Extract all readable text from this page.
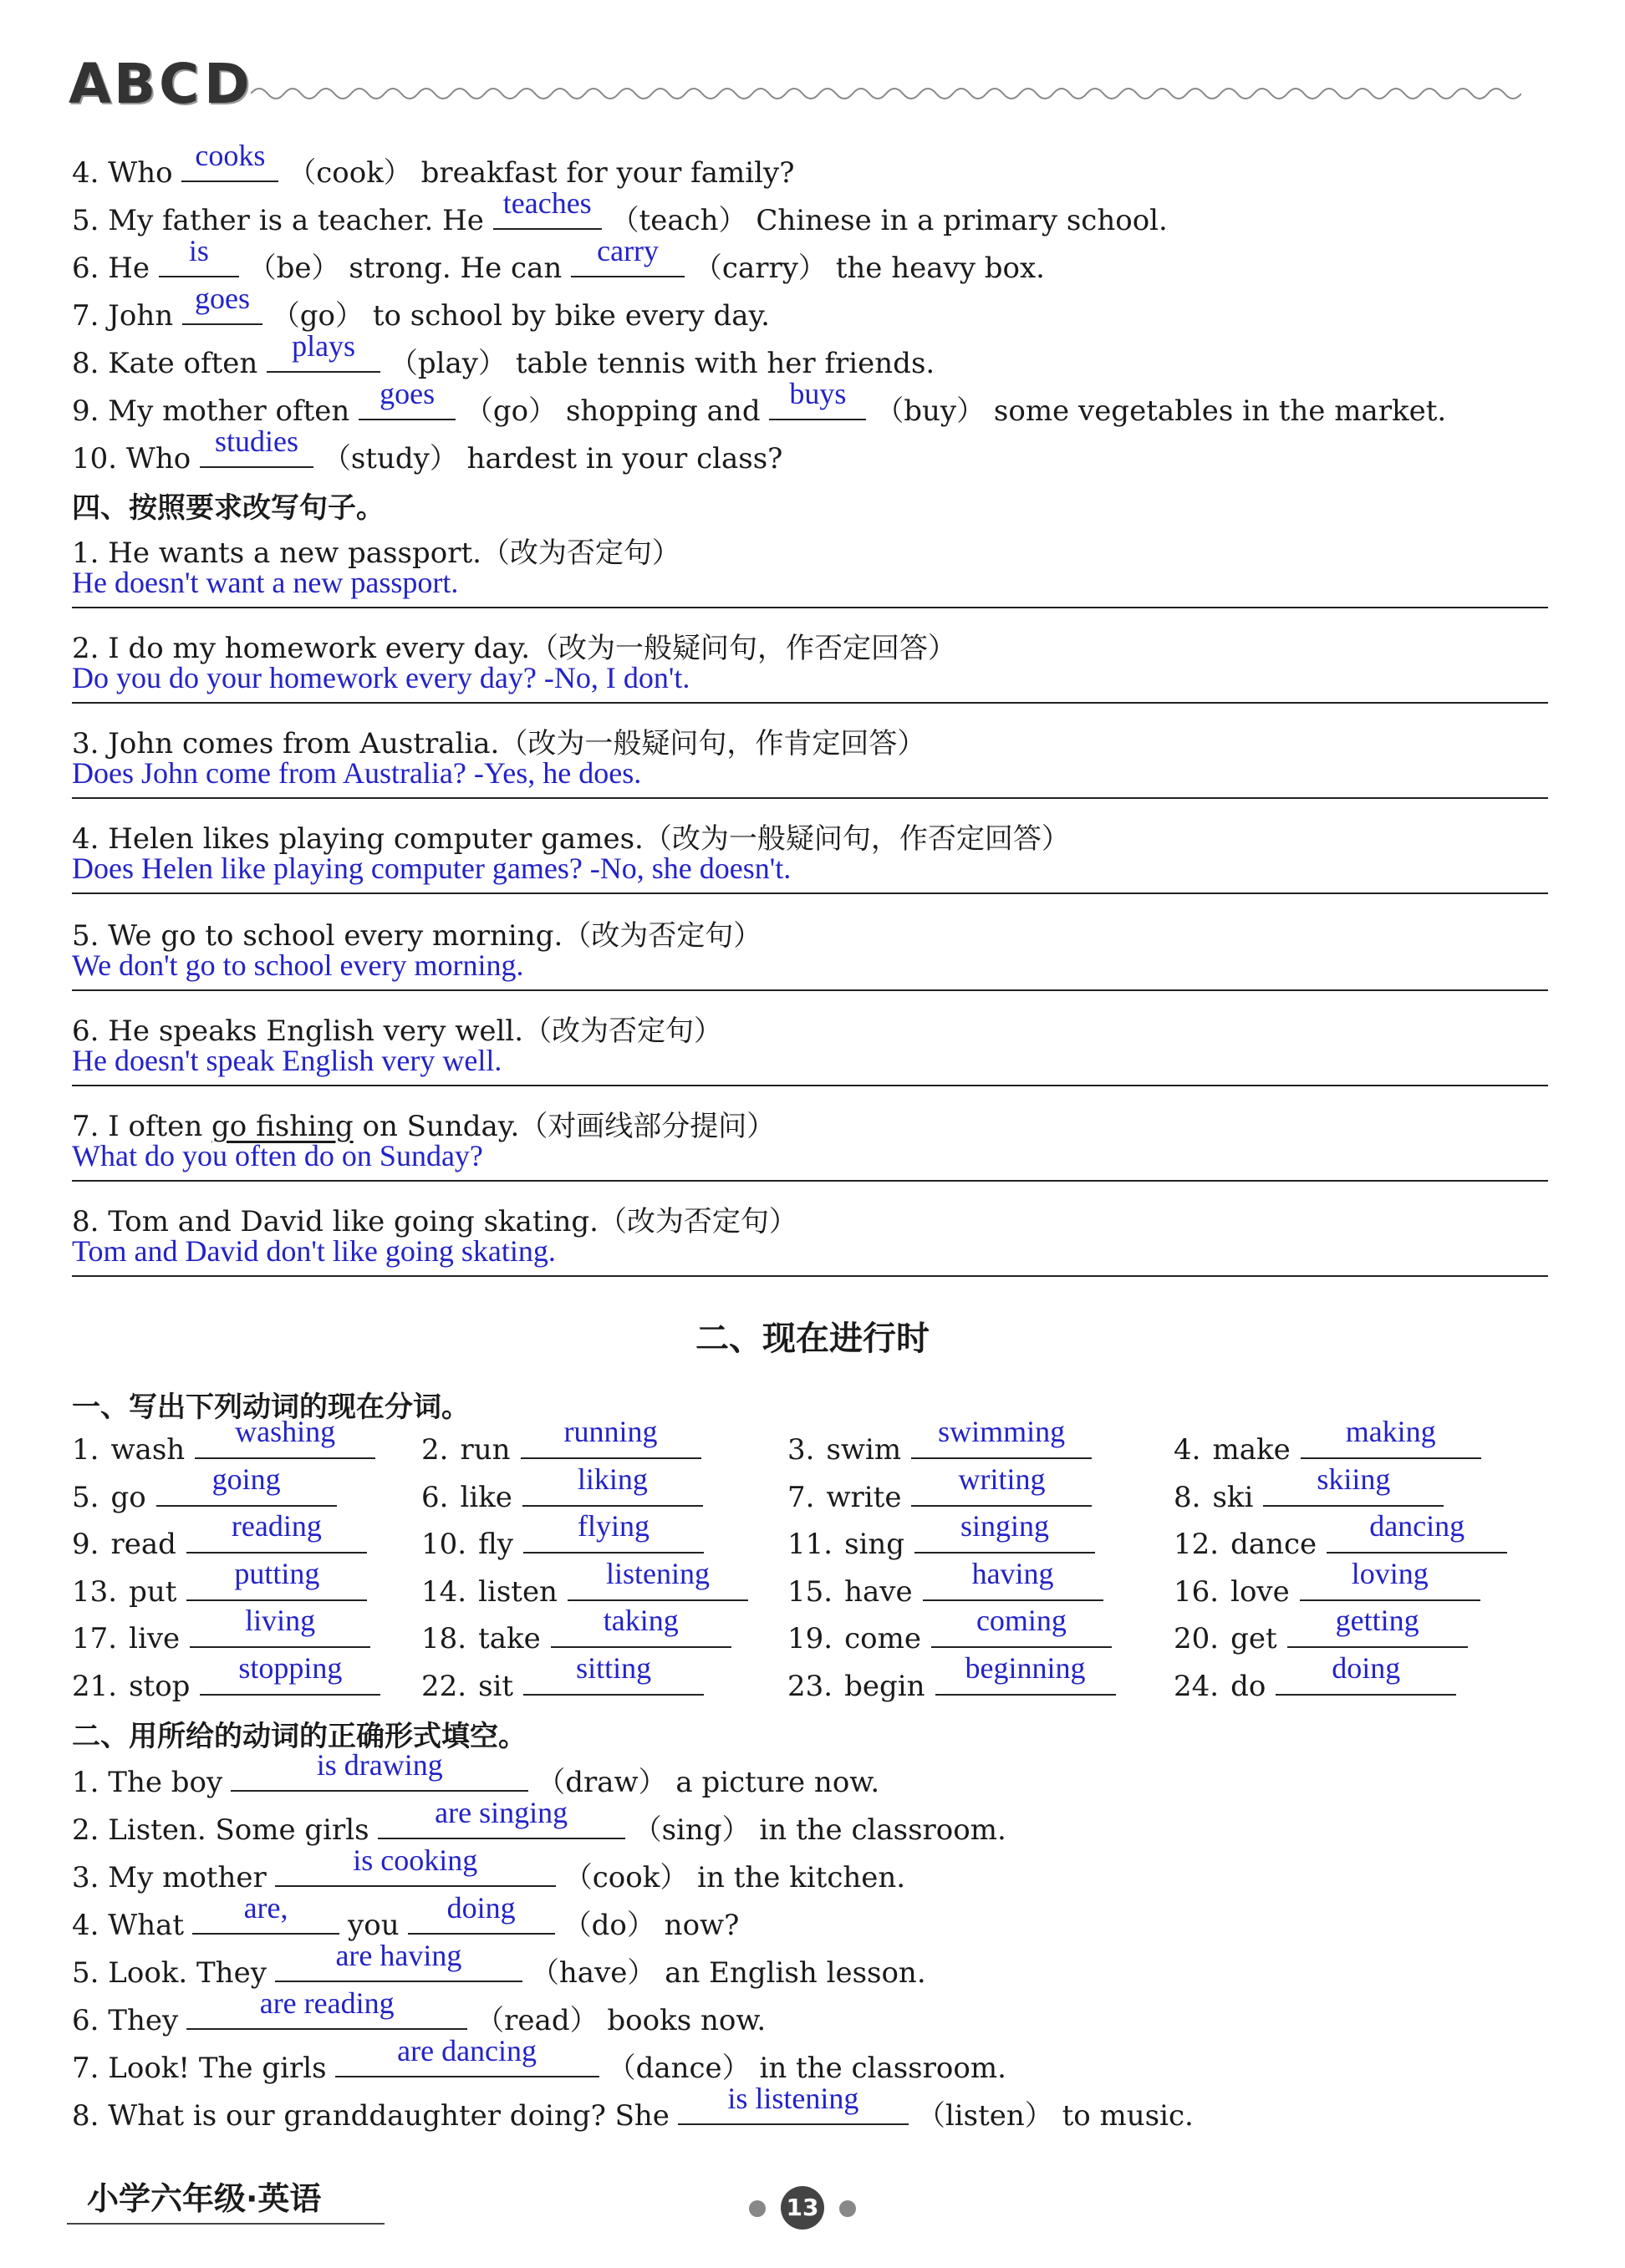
A B C D
4. Who
cooks
（cook） breakfast for your family?
5. My father is a teacher. He
teaches
（teach） Chinese in a primary school.
6. He
is
（be） strong. He can
carry
（carry） the heavy box.
7. John
goes
（go） to school by bike every day.
8. Kate often
plays
（play） table tennis with her friends.
9. My mother often
goes
（go） shopping and
buys
（buy） some vegetables in the market.
10. Who
studies
（study） hardest in your class?
四、按照要求改写句子。
1. He wants a new passport.（改为否定句）
He doesn't want a new passport.
2. I do my homework every day.（改为一般疑问句，作否定回答）
Do you do your homework every day? -No, I don't.
3. John comes from Australia.（改为一般疑问句，作肯定回答）
Does John come from Australia? -Yes, he does.
4. Helen likes playing computer games.（改为一般疑问句，作否定回答）
Does Helen like playing computer games? -No, she doesn't.
5. We go to school every morning.（改为否定句）
We don't go to school every morning.
6. He speaks English very well.（改为否定句）
He doesn't speak English very well.
7. I often go fishing on Sunday.（对画线部分提问）
What do you often do on Sunday?
8. Tom and David like going skating.（改为否定句）
Tom and David don't like going skating.
二、现在进行时
一、写出下列动词的现在分词。
1. wash
washing
2. run
running
3. swim
swimming
4. make
making
5. go
going
6. like
liking
7. write
writing
8. ski
skiing
9. read
reading
10. fly
flying
11. sing
singing
12. dance
dancing
13. put
putting
14. listen
listening
15. have
having
16. love
loving
17. live
living
18. take
taking
19. come
coming
20. get
getting
21. stop
stopping
22. sit
sitting
23. begin
beginning
24. do
doing
二、用所给的动词的正确形式填空。
1. The boy
is drawing
（draw） a picture now.
2. Listen. Some girls
are singing
（sing） in the classroom.
3. My mother
is cooking
（cook） in the kitchen.
4. What
are,
you
doing
（do） now?
5. Look. They
are having
（have） an English lesson.
6. They
are reading
（read） books now.
7. Look! The girls
are dancing
（dance） in the classroom.
8. What is our granddaughter doing? She
is listening
（listen） to music.
小学六年级·英语	13
